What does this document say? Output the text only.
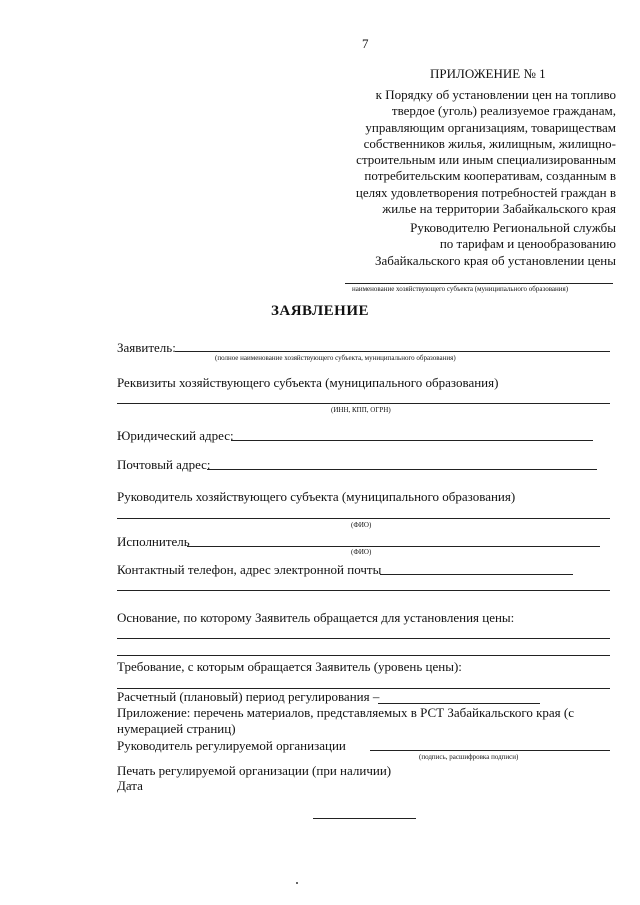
7
ПРИЛОЖЕНИЕ № 1
к Порядку об установлении цен на топливо
твердое (уголь) реализуемое гражданам,
управляющим организациям, товариществам
собственников жилья, жилищным, жилищно-
строительным или иным специализированным
потребительским кооперативам, созданным в
целях удовлетворения потребностей граждан в
жилье на территории Забайкальского края
Руководителю Региональной службы
по тарифам и ценообразованию
Забайкальского края об установлении цены
наименование хозяйствующего субъекта (муниципального образования)
ЗАЯВЛЕНИЕ
Заявитель:
(полное наименование хозяйствующего субъекта, муниципального образования)
Реквизиты хозяйствующего субъекта (муниципального образования)
(ИНН, КПП, ОГРН)
Юридический адрес:
Почтовый адрес:
Руководитель хозяйствующего субъекта (муниципального образования)
(ФИО)
Исполнитель
(ФИО)
Контактный телефон, адрес электронной почты
Основание, по которому Заявитель обращается для установления цены:
Требование, с которым обращается Заявитель (уровень цены):
Расчетный (плановый) период регулирования –
Приложение: перечень материалов, представляемых в РСТ Забайкальского края (с
нумерацией страниц)
Руководитель регулируемой организации
(подпись, расшифровка подписи)
Печать регулируемой организации (при наличии)
Дата
